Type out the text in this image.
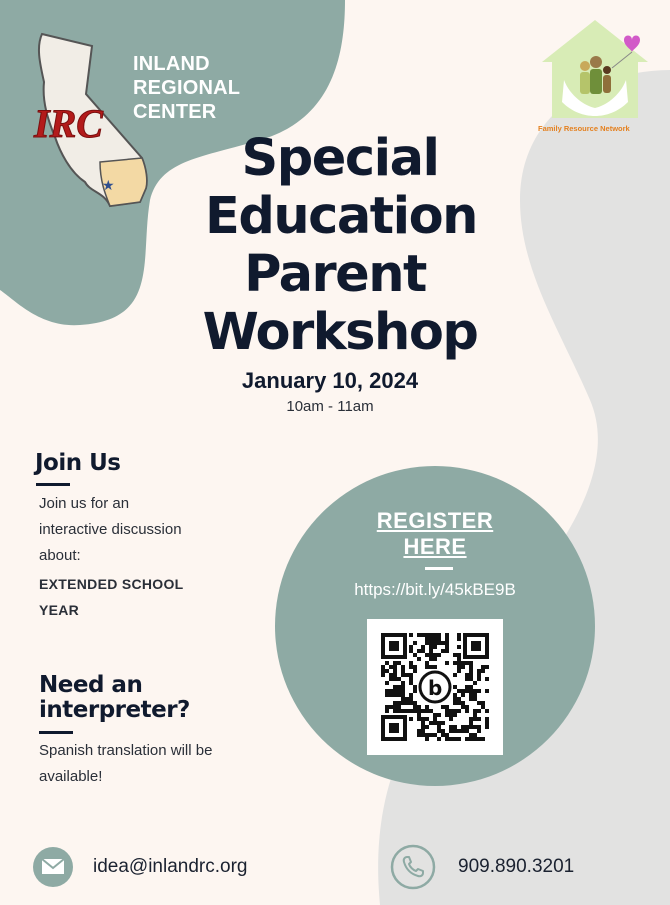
★
IRC
INLAND
REGIONAL
CENTER
Family Resource Network
Special
Education
Parent
Workshop
January 10, 2024
10am - 11am
Join Us
Join us for an
interactive discussion
about:
EXTENDED SCHOOL
YEAR
Need an
interpreter?
Spanish translation will be
available!
REGISTER
HERE
https://bit.ly/45kBE9B
b
idea@inlandrc.org	909.890.3201
